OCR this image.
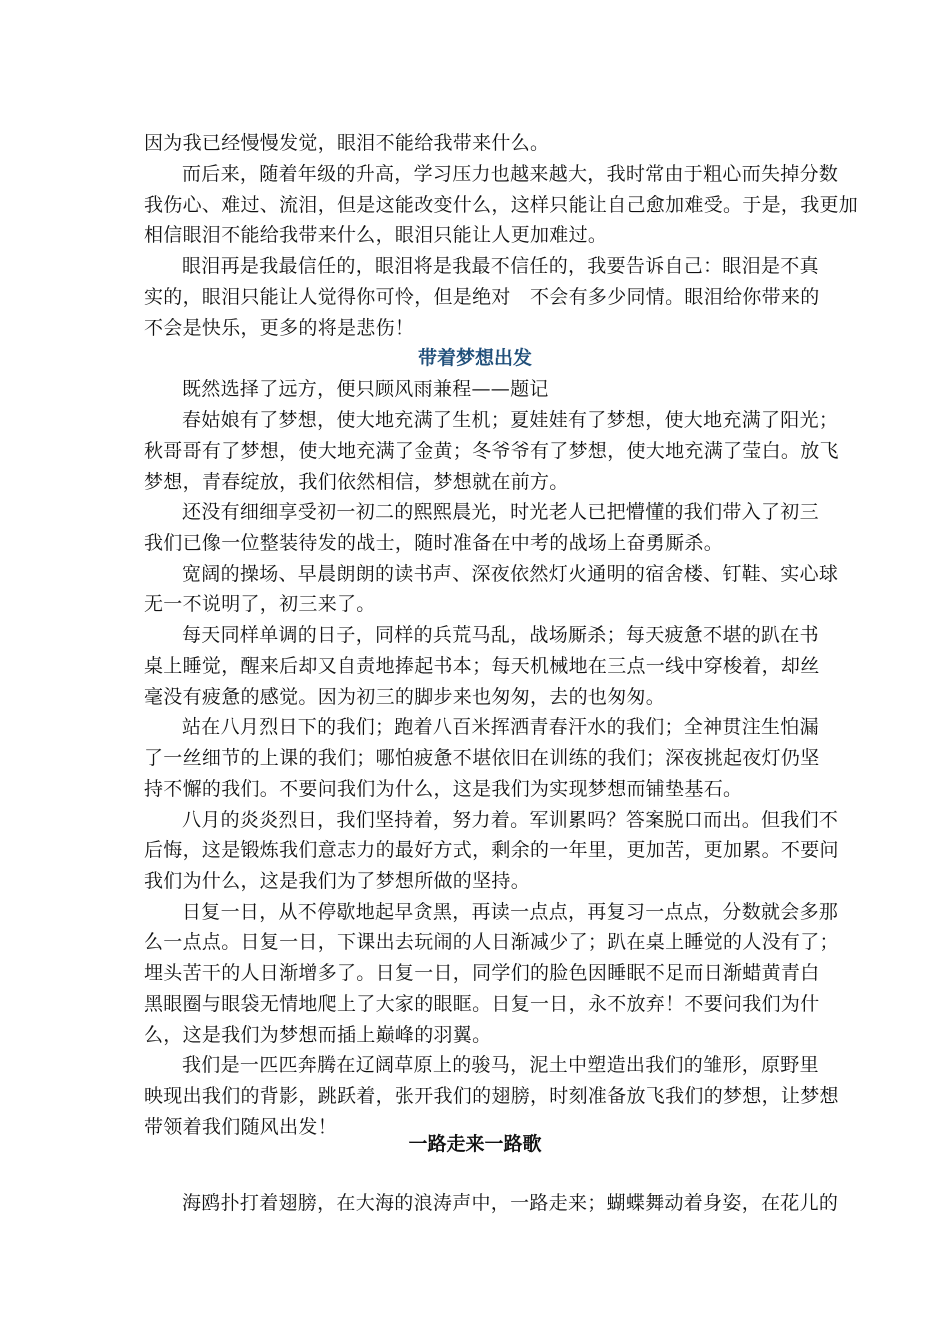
因为我已经慢慢发觉，眼泪不能给我带来什么。
而后来，随着年级的升高，学习压力也越来越大，我时常由于粗心而失掉分数
我伤心、难过、流泪，但是这能改变什么，这样只能让自己愈加难受。于是，我更加
相信眼泪不能给我带来什么，眼泪只能让人更加难过。
眼泪再是我最信任的，眼泪将是我最不信任的，我要告诉自己：眼泪是不真
实的，眼泪只能让人觉得你可怜，但是绝对　不会有多少同情。眼泪给你带来的
不会是快乐，更多的将是悲伤！
带着梦想出发
既然选择了远方，便只顾风雨兼程——题记
春姑娘有了梦想，使大地充满了生机；夏娃娃有了梦想，使大地充满了阳光；
秋哥哥有了梦想，使大地充满了金黄；冬爷爷有了梦想，使大地充满了莹白。放飞
梦想，青春绽放，我们依然相信，梦想就在前方。
还没有细细享受初一初二的熙熙晨光，时光老人已把懵懂的我们带入了初三
我们已像一位整装待发的战士，随时准备在中考的战场上奋勇厮杀。
宽阔的操场、早晨朗朗的读书声、深夜依然灯火通明的宿舍楼、钉鞋、实心球
无一不说明了，初三来了。
每天同样单调的日子，同样的兵荒马乱，战场厮杀；每天疲惫不堪的趴在书
桌上睡觉，醒来后却又自责地捧起书本；每天机械地在三点一线中穿梭着，却丝
毫没有疲惫的感觉。因为初三的脚步来也匆匆，去的也匆匆。
站在八月烈日下的我们；跑着八百米挥洒青春汗水的我们；全神贯注生怕漏
了一丝细节的上课的我们；哪怕疲惫不堪依旧在训练的我们；深夜挑起夜灯仍坚
持不懈的我们。不要问我们为什么，这是我们为实现梦想而铺垫基石。
八月的炎炎烈日，我们坚持着，努力着。军训累吗？答案脱口而出。但我们不
后悔，这是锻炼我们意志力的最好方式，剩余的一年里，更加苦，更加累。不要问
我们为什么，这是我们为了梦想所做的坚持。
日复一日，从不停歇地起早贪黑，再读一点点，再复习一点点，分数就会多那
么一点点。日复一日，下课出去玩闹的人日渐减少了；趴在桌上睡觉的人没有了；
埋头苦干的人日渐增多了。日复一日，同学们的脸色因睡眠不足而日渐蜡黄青白
黑眼圈与眼袋无情地爬上了大家的眼眶。日复一日，永不放弃！不要问我们为什
么，这是我们为梦想而插上巅峰的羽翼。
我们是一匹匹奔腾在辽阔草原上的骏马，泥土中塑造出我们的雏形，原野里
映现出我们的背影，跳跃着，张开我们的翅膀，时刻准备放飞我们的梦想，让梦想
带领着我们随风出发！
一路走来一路歌
海鸥扑打着翅膀，在大海的浪涛声中，一路走来；蝴蝶舞动着身姿，在花儿的
